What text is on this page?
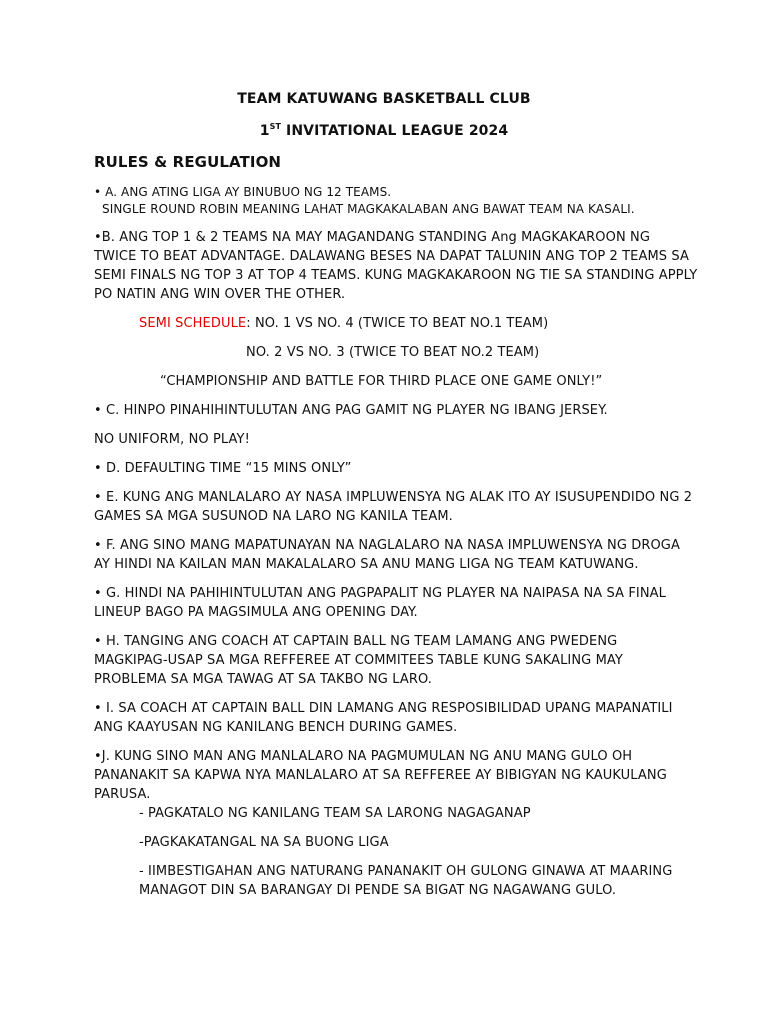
TEAM KATUWANG BASKETBALL CLUB
1ST INVITATIONAL LEAGUE 2024
RULES & REGULATION
• A. ANG ATING LIGA AY BINUBUO NG 12 TEAMS.
SINGLE ROUND ROBIN MEANING LAHAT MAGKAKALABAN ANG BAWAT TEAM NA KASALI.
•B. ANG TOP 1 & 2 TEAMS NA MAY MAGANDANG STANDING Ang MAGKAKAROON NG
TWICE TO BEAT ADVANTAGE. DALAWANG BESES NA DAPAT TALUNIN ANG TOP 2 TEAMS SA
SEMI FINALS NG TOP 3 AT TOP 4 TEAMS. KUNG MAGKAKAROON NG TIE SA STANDING APPLY
PO NATIN ANG WIN OVER THE OTHER.
SEMI SCHEDULE: NO. 1 VS NO. 4 (TWICE TO BEAT NO.1 TEAM)
NO. 2 VS NO. 3 (TWICE TO BEAT NO.2 TEAM)
“CHAMPIONSHIP AND BATTLE FOR THIRD PLACE ONE GAME ONLY!”
• C. HINPO PINAHIHINTULUTAN ANG PAG GAMIT NG PLAYER NG IBANG JERSEY.
NO UNIFORM, NO PLAY!
• D. DEFAULTING TIME “15 MINS ONLY”
• E. KUNG ANG MANLALARO AY NASA IMPLUWENSYA NG ALAK ITO AY ISUSUPENDIDO NG 2
GAMES SA MGA SUSUNOD NA LARO NG KANILA TEAM.
• F. ANG SINO MANG MAPATUNAYAN NA NAGLALARO NA NASA IMPLUWENSYA NG DROGA
AY HINDI NA KAILAN MAN MAKALALARO SA ANU MANG LIGA NG TEAM KATUWANG.
• G. HINDI NA PAHIHINTULUTAN ANG PAGPAPALIT NG PLAYER NA NAIPASA NA SA FINAL
LINEUP BAGO PA MAGSIMULA ANG OPENING DAY.
• H. TANGING ANG COACH AT CAPTAIN BALL NG TEAM LAMANG ANG PWEDENG
MAGKIPAG-USAP SA MGA REFFEREE AT COMMITEES TABLE KUNG SAKALING MAY
PROBLEMA SA MGA TAWAG AT SA TAKBO NG LARO.
• I. SA COACH AT CAPTAIN BALL DIN LAMANG ANG RESPOSIBILIDAD UPANG MAPANATILI
ANG KAAYUSAN NG KANILANG BENCH DURING GAMES.
•J. KUNG SINO MAN ANG MANLALARO NA PAGMUMULAN NG ANU MANG GULO OH
PANANAKIT SA KAPWA NYA MANLALARO AT SA REFFEREE AY BIBIGYAN NG KAUKULANG
PARUSA.
- PAGKATALO NG KANILANG TEAM SA LARONG NAGAGANAP
-PAGKAKATANGAL NA SA BUONG LIGA
- IIMBESTIGAHAN ANG NATURANG PANANAKIT OH GULONG GINAWA AT MAARING
MANAGOT DIN SA BARANGAY DI PENDE SA BIGAT NG NAGAWANG GULO.
